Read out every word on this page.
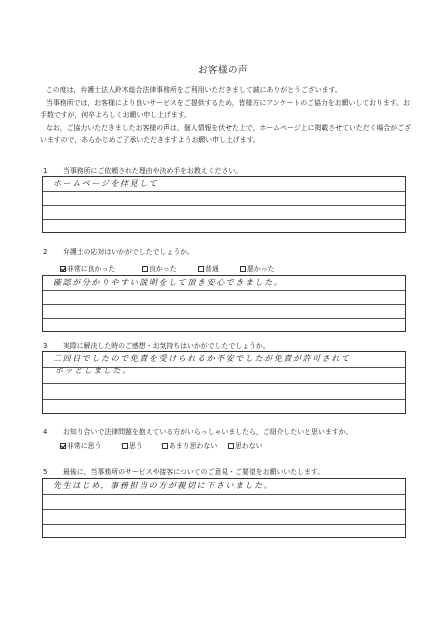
お客様の声

この度は，弁護士法人鈴木総合法律事務所をご利用いただきまして誠にありがとうございます。

当事務所では，お客様により良いサービスをご提供するため，皆様方にアンケートのご協力をお願いしております。お手数ですが，何卒よろしくお願い申し上げます。

なお，ご協力いただきましたお客様の声は，個人情報を伏せた上で，ホームページ上に掲載させていただく場合がございますので，あらかじめご了承いただきますようお願い申し上げます。

1 当事務所にご依頼された理由や決め手をお教えください。
ホームページを拝見して
2 弁護士の応対はいかがでしたでしょうか。
非常に良かった	良かった	普通	悪かった
確認が分かりやすい説明をして頂き安心できました。
3 実際に解決した時のご感想・お気持ちはいかがでしたでしょうか。
二回目でしたので免責を受けられるか不安でしたが免責が許可されて
ホッとしました。
4 お知り合いで法律問題を抱えている方がいらっしゃいましたら，ご紹介したいと思いますか。
非常に思う	思う	あまり思わない	思わない
5 最後に，当事務所のサービスや接客についてのご意見・ご要望をお願いいたします。
先生はじめ，事務担当の方が親切に下さいました。
